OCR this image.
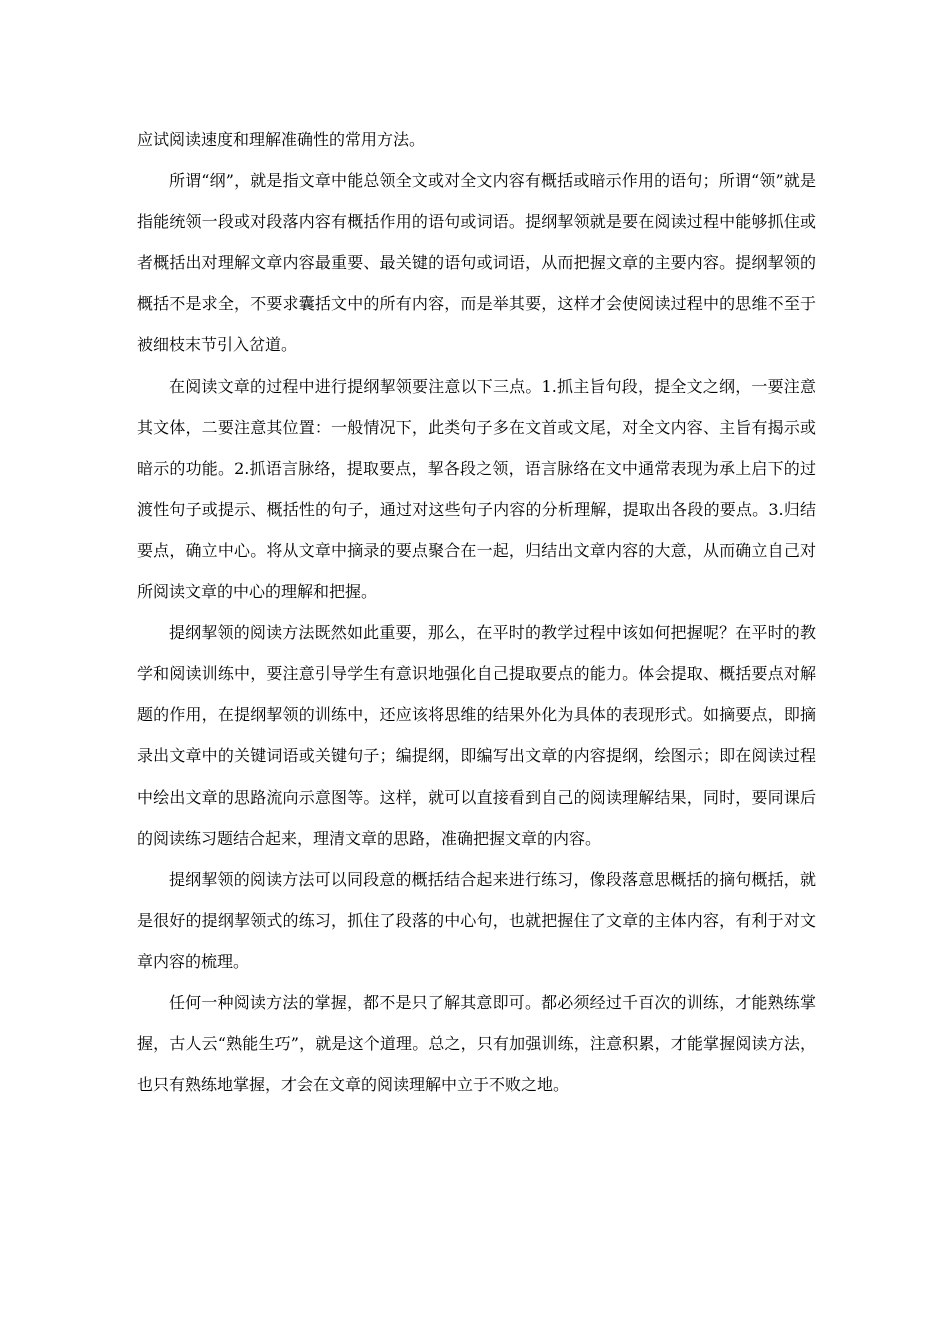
应试阅读速度和理解准确性的常用方法。

所谓“纲”，就是指文章中能总领全文或对全文内容有概括或暗示作用的语句；所谓“领”就是指能统领一段或对段落内容有概括作用的语句或词语。提纲挈领就是要在阅读过程中能够抓住或者概括出对理解文章内容最重要、最关键的语句或词语，从而把握文章的主要内容。提纲挈领的概括不是求全，不要求囊括文中的所有内容，而是举其要，这样才会使阅读过程中的思维不至于被细枝末节引入岔道。

在阅读文章的过程中进行提纲挈领要注意以下三点。1.抓主旨句段，提全文之纲，一要注意其文体，二要注意其位置：一般情况下，此类句子多在文首或文尾，对全文内容、主旨有揭示或暗示的功能。2.抓语言脉络，提取要点，挈各段之领，语言脉络在文中通常表现为承上启下的过渡性句子或提示、概括性的句子，通过对这些句子内容的分析理解，提取出各段的要点。3.归结要点，确立中心。将从文章中摘录的要点聚合在一起，归结出文章内容的大意，从而确立自己对所阅读文章的中心的理解和把握。

提纲挈领的阅读方法既然如此重要，那么，在平时的教学过程中该如何把握呢？在平时的教学和阅读训练中，要注意引导学生有意识地强化自己提取要点的能力。体会提取、概括要点对解题的作用，在提纲挈领的训练中，还应该将思维的结果外化为具体的表现形式。如摘要点，即摘录出文章中的关键词语或关键句子；编提纲，即编写出文章的内容提纲，绘图示；即在阅读过程中绘出文章的思路流向示意图等。这样，就可以直接看到自己的阅读理解结果，同时，要同课后的阅读练习题结合起来，理清文章的思路，准确把握文章的内容。

提纲挈领的阅读方法可以同段意的概括结合起来进行练习，像段落意思概括的摘句概括，就是很好的提纲挈领式的练习，抓住了段落的中心句，也就把握住了文章的主体内容，有利于对文章内容的梳理。

任何一种阅读方法的掌握，都不是只了解其意即可。都必须经过千百次的训练，才能熟练掌握，古人云“熟能生巧”，就是这个道理。总之，只有加强训练，注意积累，才能掌握阅读方法，也只有熟练地掌握，才会在文章的阅读理解中立于不败之地。
